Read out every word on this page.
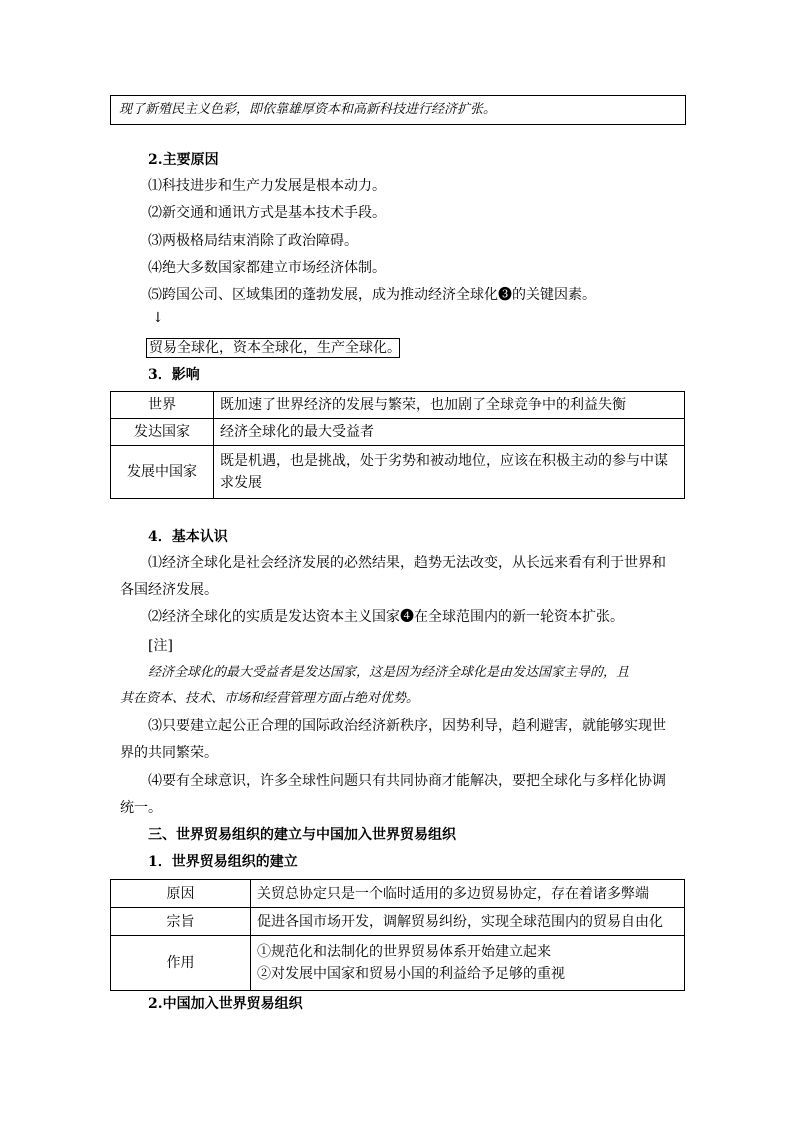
现了新殖民主义色彩，即依靠雄厚资本和高新科技进行经济扩张。
2.主要原因
⑴科技进步和生产力发展是根本动力。
⑵新交通和通讯方式是基本技术手段。
⑶两极格局结束消除了政治障碍。
⑷绝大多数国家都建立市场经济体制。
⑸跨国公司、区域集团的蓬勃发展，成为推动经济全球化❸的关键因素。
↓
贸易全球化，资本全球化，生产全球化。
3．影响
世界	既加速了世界经济的发展与繁荣，也加剧了全球竞争中的利益失衡
发达国家	经济全球化的最大受益者
发展中国家	既是机遇，也是挑战，处于劣势和被动地位，应该在积极主动的参与中谋
求发展
4．基本认识
⑴经济全球化是社会经济发展的必然结果，趋势无法改变，从长远来看有利于世界和
各国经济发展。
⑵经济全球化的实质是发达资本主义国家❹在全球范围内的新一轮资本扩张。
[注]
经济全球化的最大受益者是发达国家，这是因为经济全球化是由发达国家主导的，且
其在资本、技术、市场和经营管理方面占绝对优势。
⑶只要建立起公正合理的国际政治经济新秩序，因势利导，趋利避害，就能够实现世
界的共同繁荣。
⑷要有全球意识，许多全球性问题只有共同协商才能解决，要把全球化与多样化协调
统一。
三、世界贸易组织的建立与中国加入世界贸易组织
1．世界贸易组织的建立
原因	关贸总协定只是一个临时适用的多边贸易协定，存在着诸多弊端
宗旨	促进各国市场开发，调解贸易纠纷，实现全球范围内的贸易自由化
作用	①规范化和法制化的世界贸易体系开始建立起来
②对发展中国家和贸易小国的利益给予足够的重视
2.中国加入世界贸易组织
